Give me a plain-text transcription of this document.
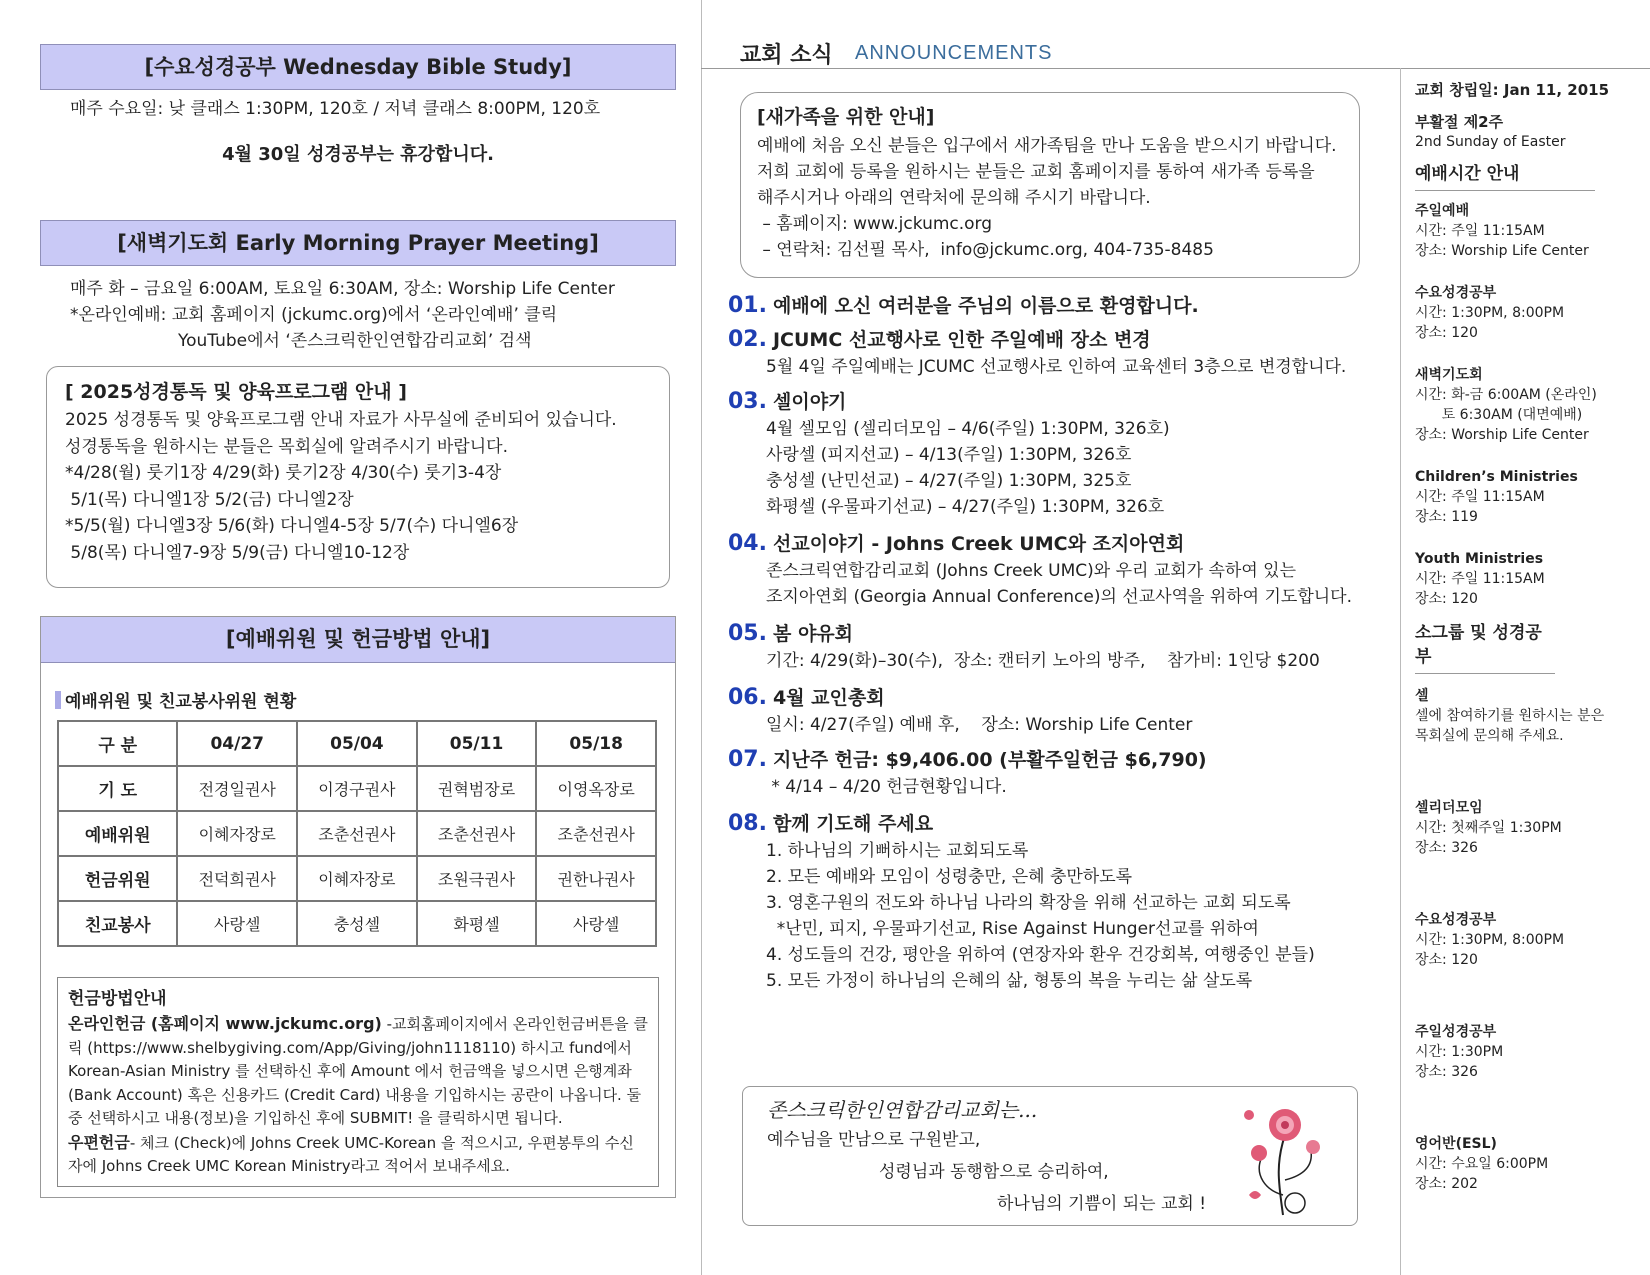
[수요성경공부 Wednesday Bible Study]
매주 수요일: 낮 클래스 1:30PM, 120호 / 저녁 클래스 8:00PM, 120호
4월 30일 성경공부는 휴강합니다.
[새벽기도회 Early Morning Prayer Meeting]
매주 화 – 금요일 6:00AM, 토요일 6:30AM, 장소: Worship Life Center
*온라인예배: 교회 홈페이지 (jckumc.org)에서 ‘온라인예배’ 클릭
YouTube에서 ‘존스크릭한인연합감리교회’ 검색
[ 2025성경통독 및 양육프로그램 안내 ]
2025 성경통독 및 양육프로그램 안내 자료가 사무실에 준비되어 있습니다.
성경통독을 원하시는 분들은 목회실에 알려주시기 바랍니다.
*4/28(월) 룻기1장 4/29(화) 룻기2장 4/30(수) 룻기3-4장
5/1(목) 다니엘1장 5/2(금) 다니엘2장
*5/5(월) 다니엘3장 5/6(화) 다니엘4-5장 5/7(수) 다니엘6장
5/8(목) 다니엘7-9장 5/9(금) 다니엘10-12장
[예배위원 및 헌금방법 안내]
예배위원 및 친교봉사위원 현황
구 분	04/27	05/04	05/11	05/18
기 도	전경일권사	이경구권사	권혁범장로	이영옥장로
예배위원	이혜자장로	조춘선권사	조춘선권사	조춘선권사
헌금위원	전덕희권사	이혜자장로	조원극권사	권한나권사
친교봉사	사랑셀	충성셀	화평셀	사랑셀
헌금방법안내
온라인헌금 (홈페이지 www.jckumc.org) -교회홈페이지에서 온라인헌금버튼을 클릭 (https://www.shelbygiving.com/App/Giving/john1118110) 하시고 fund에서 Korean-Asian Ministry 를 선택하신 후에 Amount 에서 헌금액을 넣으시면 은행계좌 (Bank Account) 혹은 신용카드 (Credit Card) 내용을 기입하시는 공란이 나옵니다. 둘 중 선택하시고 내용(정보)을 기입하신 후에 SUBMIT! 을 클릭하시면 됩니다.
우편헌금- 체크 (Check)에 Johns Creek UMC-Korean 을 적으시고, 우편봉투의 수신자에 Johns Creek UMC Korean Ministry라고 적어서 보내주세요.
교회 소식 ANNOUNCEMENTS
[새가족을 위한 안내]
예배에 처음 오신 분들은 입구에서 새가족팀을 만나 도움을 받으시기 바랍니다.
저희 교회에 등록을 원하시는 분들은 교회 홈페이지를 통하여 새가족 등록을
해주시거나 아래의 연락처에 문의해 주시기 바랍니다.
– 홈페이지: www.jckumc.org
– 연락처: 김선필 목사,  info@jckumc.org, 404-735-8485
01. 예배에 오신 여러분을 주님의 이름으로 환영합니다.
02. JCUMC 선교행사로 인한 주일예배 장소 변경
5월 4일 주일예배는 JCUMC 선교행사로 인하여 교육센터 3층으로 변경합니다.
03. 셀이야기
4월 셀모임 (셀리더모임 – 4/6(주일) 1:30PM, 326호)
사랑셀 (피지선교) – 4/13(주일) 1:30PM, 326호
충성셀 (난민선교) – 4/27(주일) 1:30PM, 325호
화평셀 (우물파기선교) – 4/27(주일) 1:30PM, 326호
04. 선교이야기 - Johns Creek UMC와 조지아연회
존스크릭연합감리교회 (Johns Creek UMC)와 우리 교회가 속하여 있는
조지아연회 (Georgia Annual Conference)의 선교사역을 위하여 기도합니다.
05. 봄 야유회
기간: 4/29(화)–30(수),  장소: 캔터키 노아의 방주,    참가비: 1인당 $200
06. 4월 교인총회
일시: 4/27(주일) 예배 후,    장소: Worship Life Center
07. 지난주 헌금: $9,406.00 (부활주일헌금 $6,790)
* 4/14 – 4/20 헌금현황입니다.
08. 함께 기도해 주세요
1. 하나님의 기뻐하시는 교회되도록
2. 모든 예배와 모임이 성령충만, 은혜 충만하도록
3. 영혼구원의 전도와 하나님 나라의 확장을 위해 선교하는 교회 되도록
*난민, 피지, 우물파기선교, Rise Against Hunger선교를 위하여
4. 성도들의 건강, 평안을 위하여 (연장자와 환우 건강회복, 여행중인 분들)
5. 모든 가정이 하나님의 은혜의 삶, 형통의 복을 누리는 삶 살도록
존스크릭한인연합감리교회는...
예수님을 만남으로 구원받고,
성령님과 동행함으로 승리하여,
하나님의 기쁨이 되는 교회 !
교회 창립일: Jan 11, 2015
부활절 제2주
2nd Sunday of Easter
예배시간 안내
주일예배
시간: 주일 11:15AM
장소: Worship Life Center
수요성경공부
시간: 1:30PM, 8:00PM
장소: 120
새벽기도회
시간: 화-금 6:00AM (온라인)
토 6:30AM (대면예배)
장소: Worship Life Center
Children’s Ministries
시간: 주일 11:15AM
장소: 119
Youth Ministries
시간: 주일 11:15AM
장소: 120
소그룹 및 성경공부
셀
셀에 참여하기를 원하시는 분은
목회실에 문의해 주세요.
셀리더모임
시간: 첫째주일 1:30PM
장소: 326
수요성경공부
시간: 1:30PM, 8:00PM
장소: 120
주일성경공부
시간: 1:30PM
장소: 326
영어반(ESL)
시간: 수요일 6:00PM
장소: 202
